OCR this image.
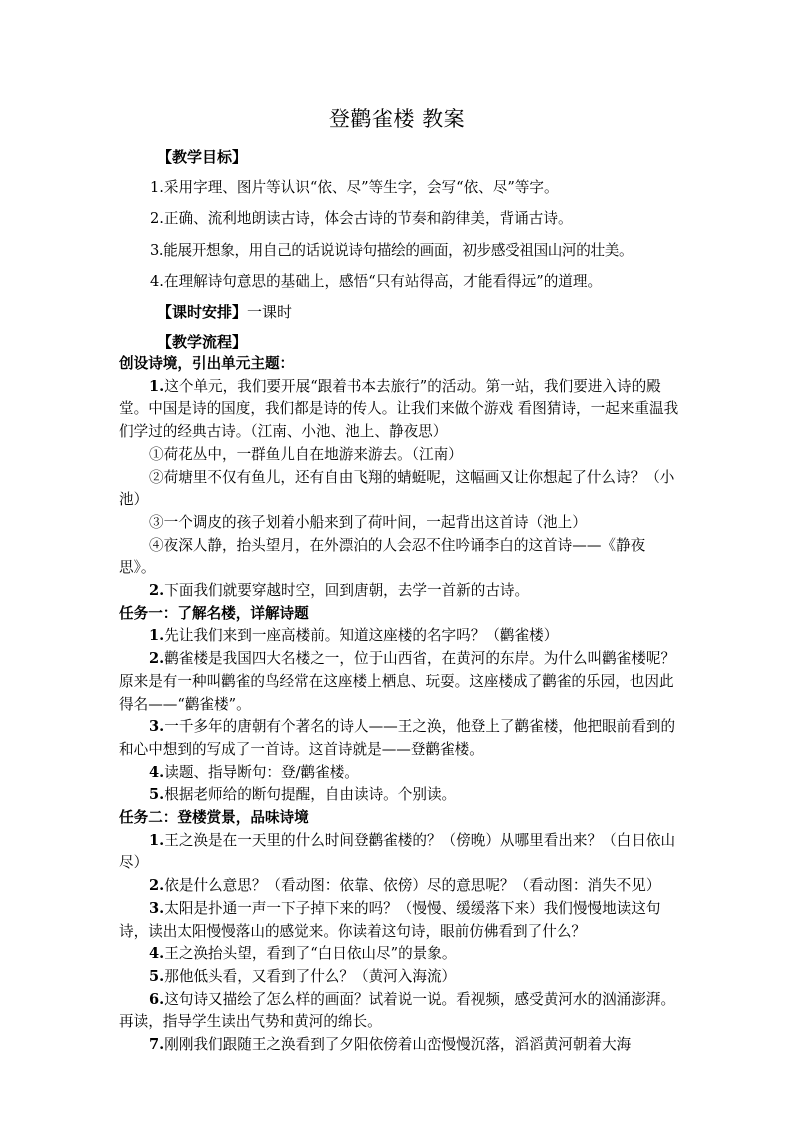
登鹳雀楼 教案
【教学目标】
1.采用字理、图片等认识“依、尽”等生字，会写“依、尽”等字。
2.正确、流利地朗读古诗，体会古诗的节奏和韵律美，背诵古诗。
3.能展开想象，用自己的话说说诗句描绘的画面，初步感受祖国山河的壮美。
4.在理解诗句意思的基础上，感悟“只有站得高，才能看得远”的道理。
【课时安排】一课时
【教学流程】

创设诗境，引出单元主题：

1.这个单元，我们要开展“跟着书本去旅行”的活动。第一站，我们要进入诗的殿堂。中国是诗的国度，我们都是诗的传人。让我们来做个游戏 看图猜诗，一起来重温我们学过的经典古诗。（江南、小池、池上、静夜思）

①荷花丛中，一群鱼儿自在地游来游去。（江南）

②荷塘里不仅有鱼儿，还有自由飞翔的蜻蜓呢，这幅画又让你想起了什么诗？（小池）

③一个调皮的孩子划着小船来到了荷叶间，一起背出这首诗（池上）

④夜深人静，抬头望月，在外漂泊的人会忍不住吟诵李白的这首诗——《静夜思》。

2.下面我们就要穿越时空，回到唐朝，去学一首新的古诗。

任务一：了解名楼，详解诗题

1.先让我们来到一座高楼前。知道这座楼的名字吗？（鹳雀楼）

2.鹳雀楼是我国四大名楼之一，位于山西省，在黄河的东岸。为什么叫鹳雀楼呢？原来是有一种叫鹳雀的鸟经常在这座楼上栖息、玩耍。这座楼成了鹳雀的乐园，也因此得名——“鹳雀楼”。

3.一千多年的唐朝有个著名的诗人——王之涣，他登上了鹳雀楼，他把眼前看到的和心中想到的写成了一首诗。这首诗就是——登鹳雀楼。

4.读题、指导断句：登/鹳雀楼。

5.根据老师给的断句提醒，自由读诗。个别读。

任务二：登楼赏景，品味诗境

1.王之涣是在一天里的什么时间登鹳雀楼的？（傍晚）从哪里看出来？（白日依山尽）

2.依是什么意思？（看动图：依靠、依傍）尽的意思呢？（看动图：消失不见）

3.太阳是扑通一声一下子掉下来的吗？（慢慢、缓缓落下来）我们慢慢地读这句诗，读出太阳慢慢落山的感觉来。你读着这句诗，眼前仿佛看到了什么？

4.王之涣抬头望，看到了“白日依山尽”的景象。

5.那他低头看，又看到了什么？（黄河入海流）

6.这句诗又描绘了怎么样的画面？试着说一说。看视频，感受黄河水的汹涌澎湃。再读，指导学生读出气势和黄河的绵长。

7.刚刚我们跟随王之涣看到了夕阳依傍着山峦慢慢沉落，滔滔黄河朝着大海
